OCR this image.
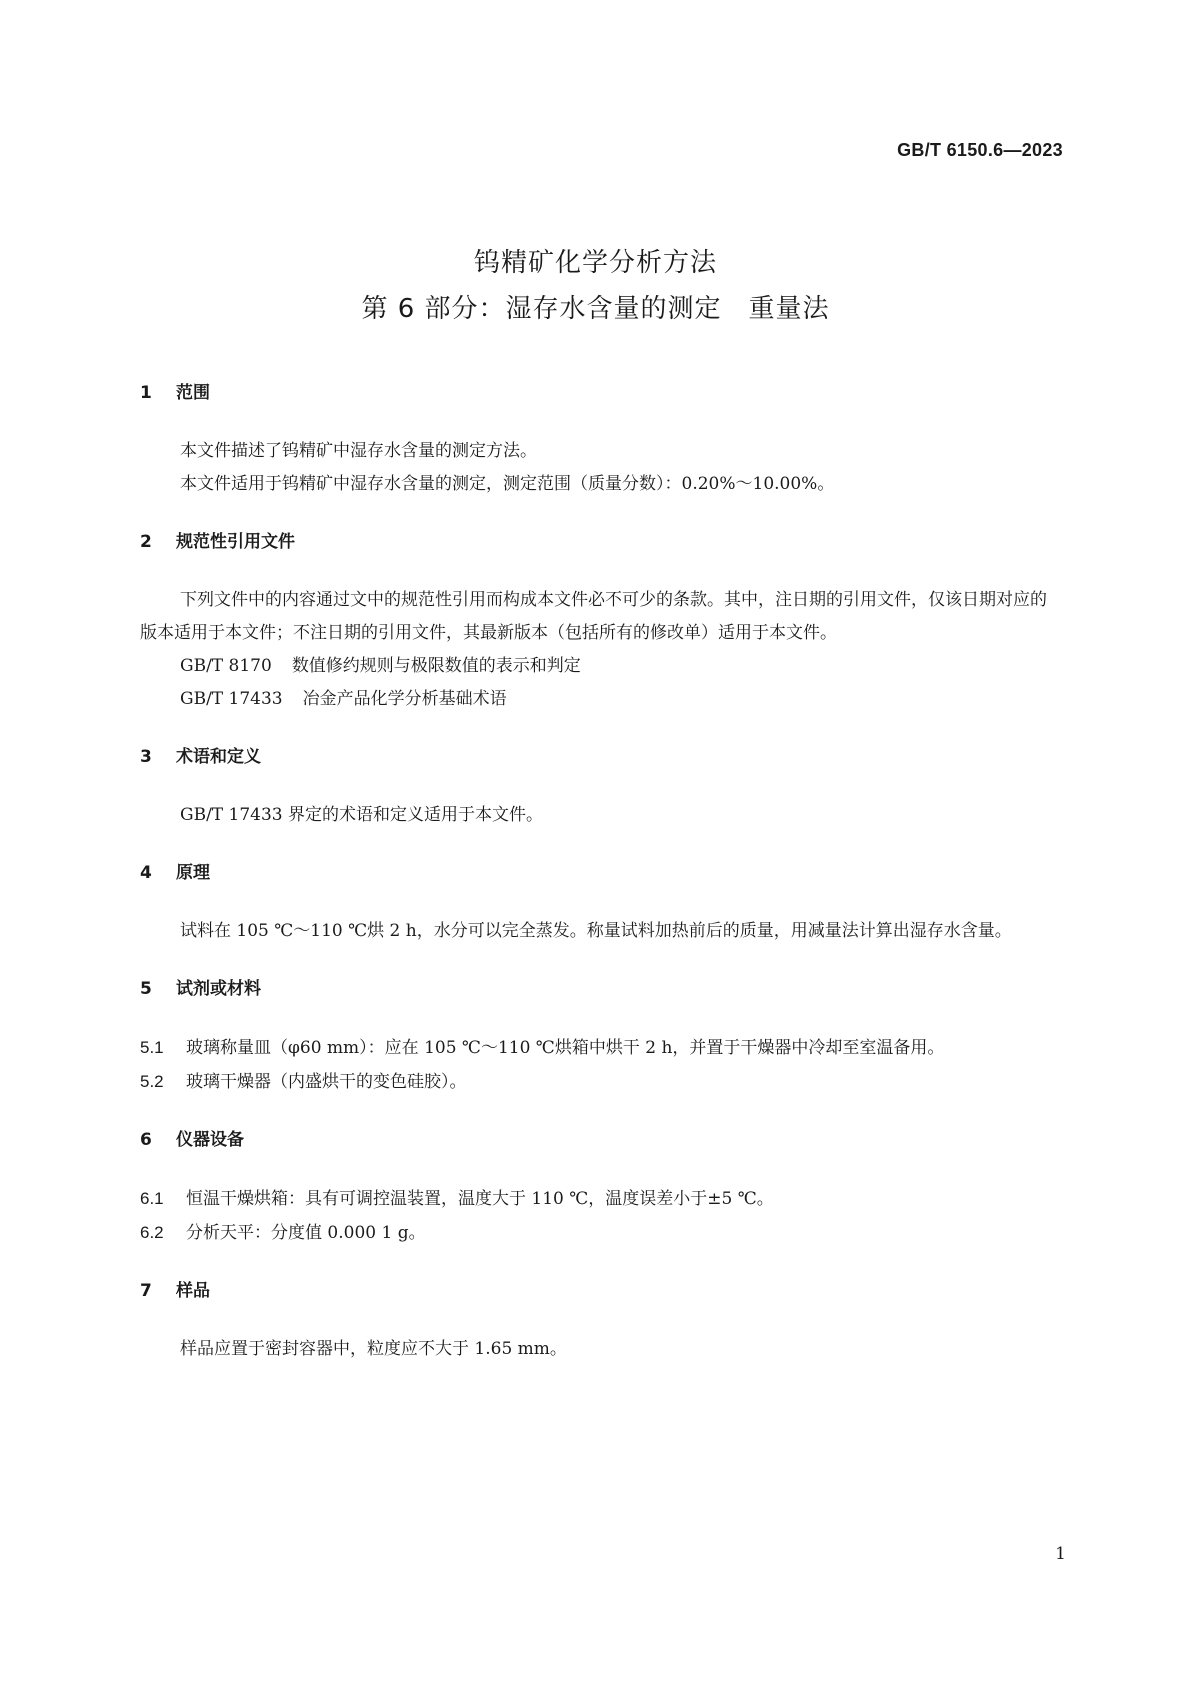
GB/T 6150.6—2023
钨精矿化学分析方法
第 6 部分：湿存水含量的测定　重量法
1 范围

本文件描述了钨精矿中湿存水含量的测定方法。

本文件适用于钨精矿中湿存水含量的测定，测定范围（质量分数）：0.20%～10.00%。

2 规范性引用文件

下列文件中的内容通过文中的规范性引用而构成本文件必不可少的条款。其中，注日期的引用文件，仅该日期对应的版本适用于本文件；不注日期的引用文件，其最新版本（包括所有的修改单）适用于本文件。

GB/T 8170 数值修约规则与极限数值的表示和判定
GB/T 17433 冶金产品化学分析基础术语
3 术语和定义

GB/T 17433 界定的术语和定义适用于本文件。

4 原理

试料在 105 ℃～110 ℃烘 2 h，水分可以完全蒸发。称量试料加热前后的质量，用减量法计算出湿存水含量。

5 试剂或材料
5.1 玻璃称量皿（φ60 mm）：应在 105 ℃～110 ℃烘箱中烘干 2 h，并置于干燥器中冷却至室温备用。
5.2 玻璃干燥器（内盛烘干的变色硅胶）。
6 仪器设备
6.1 恒温干燥烘箱：具有可调控温装置，温度大于 110 ℃，温度误差小于±5 ℃。
6.2 分析天平：分度值 0.000 1 g。
7 样品

样品应置于密封容器中，粒度应不大于 1.65 mm。

1
